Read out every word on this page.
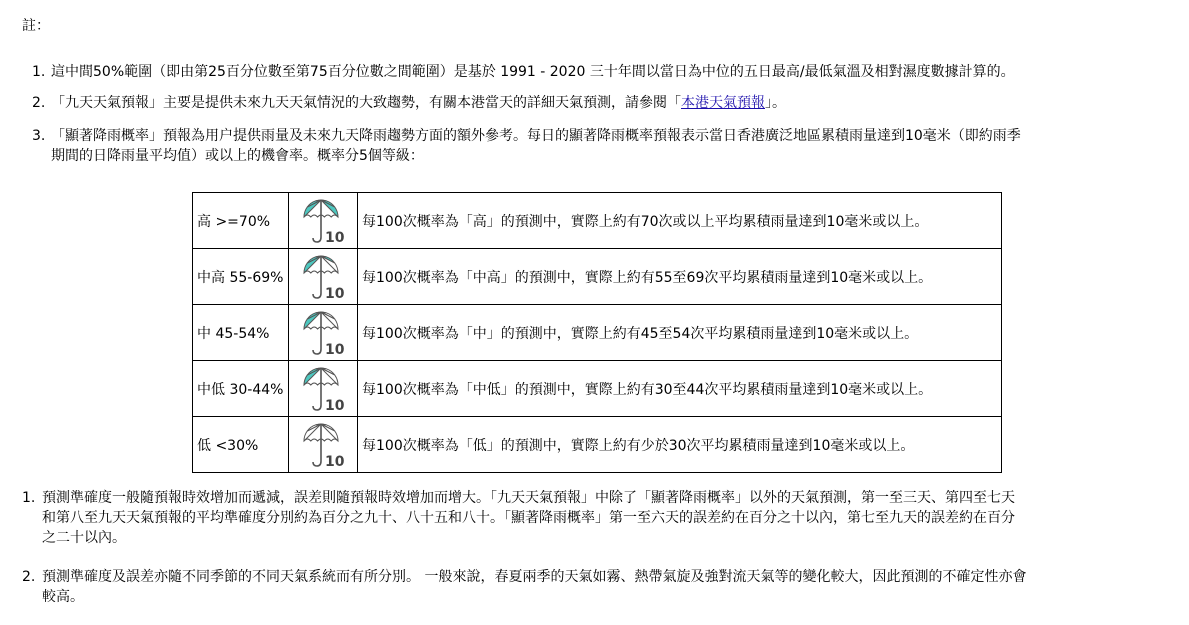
註：

1. 這中間50%範圍（即由第25百分位數至第75百分位數之間範圍）是基於 1991 - 2020 三十年間以當日為中位的五日最高/最低氣溫及相對濕度數據計算的。
2. 「九天天氣預報」主要是提供未來九天天氣情況的大致趨勢，有關本港當天的詳細天氣預測，請參閱「本港天氣預報」。
3. 「顯著降雨概率」預報為用户提供雨量及未來九天降雨趨勢方面的額外參考。每日的顯著降雨概率預報表示當日香港廣泛地區累積雨量達到10毫米（即約雨季
期間的日降雨量平均值）或以上的機會率。概率分5個等級：
高 >=70%	10	每100次概率為「高」的預測中，實際上約有70次或以上平均累積雨量達到10毫米或以上。
中高 55-69%	10	每100次概率為「中高」的預測中，實際上約有55至69次平均累積雨量達到10毫米或以上。
中 45-54%	10	每100次概率為「中」的預測中，實際上約有45至54次平均累積雨量達到10毫米或以上。
中低 30-44%	10	每100次概率為「中低」的預測中，實際上約有30至44次平均累積雨量達到10毫米或以上。
低 <30%	10	每100次概率為「低」的預測中，實際上約有少於30次平均累積雨量達到10毫米或以上。
1. 預測準確度一般隨預報時效增加而遞減，誤差則隨預報時效增加而增大。「九天天氣預報」中除了「顯著降雨概率」以外的天氣預測，第一至三天、第四至七天
和第八至九天天氣預報的平均準確度分別約為百分之九十、八十五和八十。「顯著降雨概率」第一至六天的誤差約在百分之十以內，第七至九天的誤差約在百分
之二十以內。
2. 預測準確度及誤差亦隨不同季節的不同天氣系統而有所分別。 一般來說，春夏兩季的天氣如霧、熱帶氣旋及強對流天氣等的變化較大，因此預測的不確定性亦會
較高。
